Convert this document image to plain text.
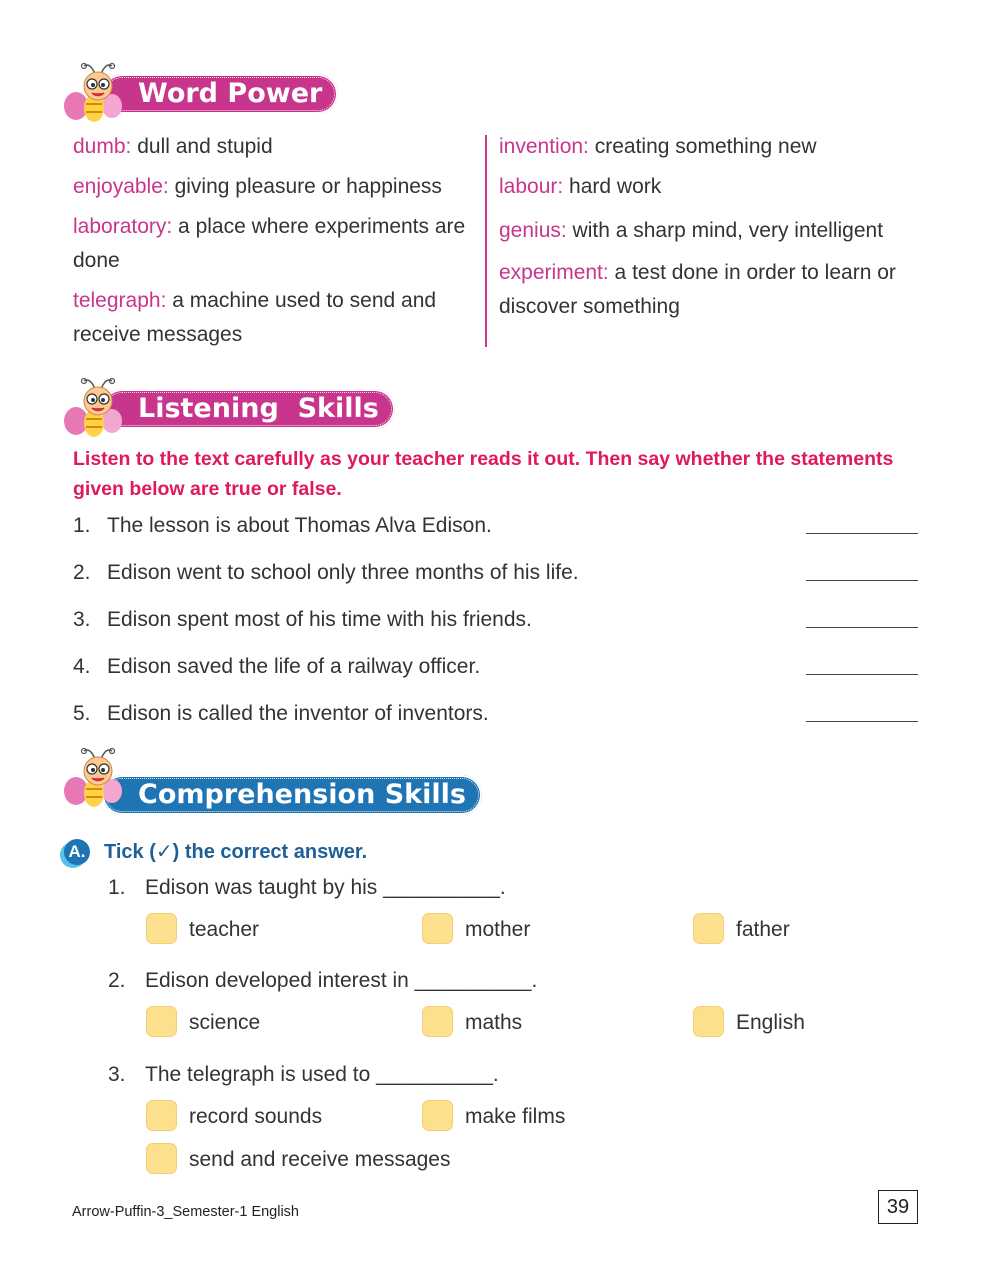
Word Power
dumb: dull and stupid
enjoyable: giving pleasure or happiness
laboratory: a place where experiments are done
telegraph: a machine used to send and receive messages
invention: creating something new
labour: hard work
genius: with a sharp mind, very intelligent
experiment: a test done in order to learn or discover something
Listening  Skills
Listen to the text carefully as your teacher reads it out. Then say whether the statements given below are true or false.
1. The lesson is about Thomas Alva Edison.
2. Edison went to school only three months of his life.
3. Edison spent most of his time with his friends.
4. Edison saved the life of a railway officer.
5. Edison is called the inventor of inventors.
Comprehension Skills
A. Tick (✓) the correct answer.
1. Edison was taught by his __________.
teacher	mother	father
2. Edison developed interest in __________.
science	maths	English
3. The telegraph is used to __________.
record sounds	make films
send and receive messages
Arrow-Puffin-3_Semester-1 English	39
